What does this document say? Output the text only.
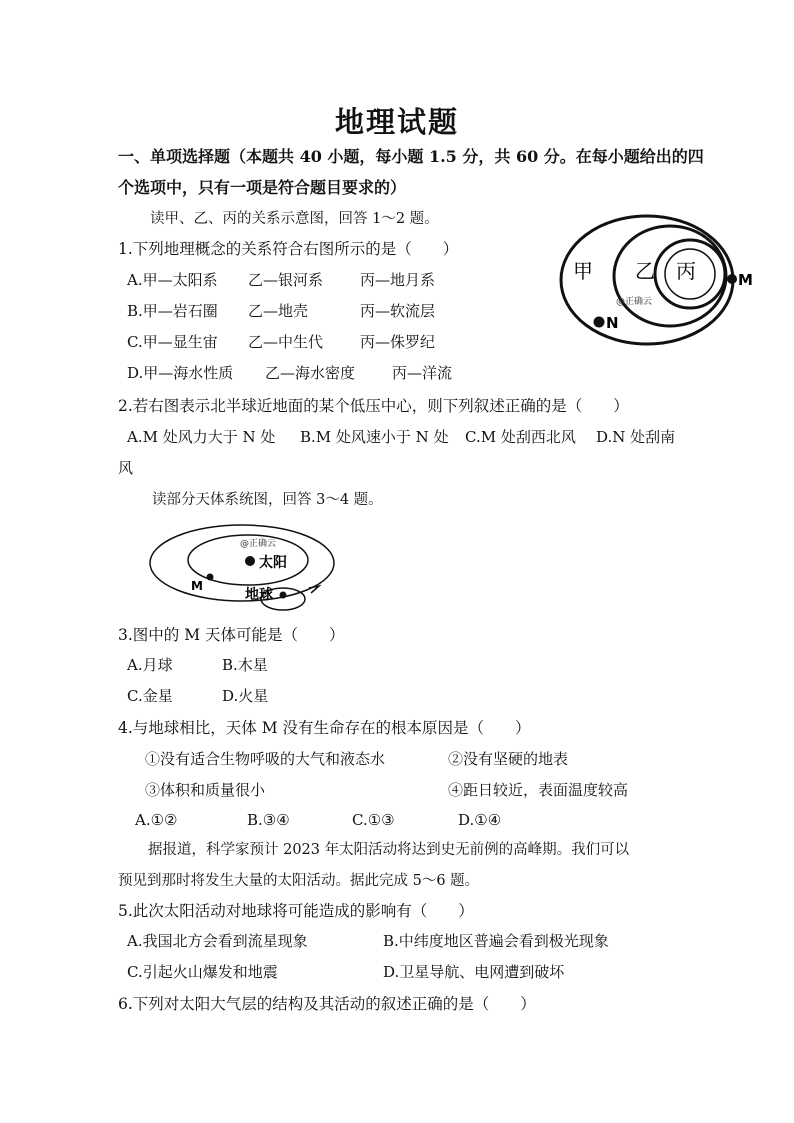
地理试题
一、单项选择题（本题共 40 小题，每小题 1.5 分，共 60 分。在每小题给出的四
个选项中，只有一项是符合题目要求的）
读甲、乙、丙的关系示意图，回答 1～2 题。
1.下列地理概念的关系符合右图所示的是（　　）
A.甲—太阳系 乙—银河系 丙—地月系
B.甲—岩石圈 乙—地壳	丙—软流层
C.甲—显生宙 乙—中生代 丙—侏罗纪
D.甲—海水性质 乙—海水密度 丙—洋流
甲 乙 丙	M
N
@正确云
2.若右图表示北半球近地面的某个低压中心，则下列叙述正确的是（　　）
A.M 处风力大于 N 处 B.M 处风速小于 N 处 C.M 处刮西北风 D.N 处刮南
风
读部分天体系统图，回答 3～4 题。
太阳
地球
M
@正确云
3.图中的 M 天体可能是（　　）
A.月球	B.木星
C.金星	D.火星
4.与地球相比，天体 M 没有生命存在的根本原因是（　　）
①没有适合生物呼吸的大气和液态水	②没有坚硬的地表
③体积和质量很小	④距日较近，表面温度较高
A.①②	B.③④	C.①③	D.①④
据报道，科学家预计 2023 年太阳活动将达到史无前例的高峰期。我们可以
预见到那时将发生大量的太阳活动。据此完成 5～6 题。
5.此次太阳活动对地球将可能造成的影响有（　　）
A.我国北方会看到流星现象	B.中纬度地区普遍会看到极光现象
C.引起火山爆发和地震	D.卫星导航、电网遭到破坏
6.下列对太阳大气层的结构及其活动的叙述正确的是（　　）
